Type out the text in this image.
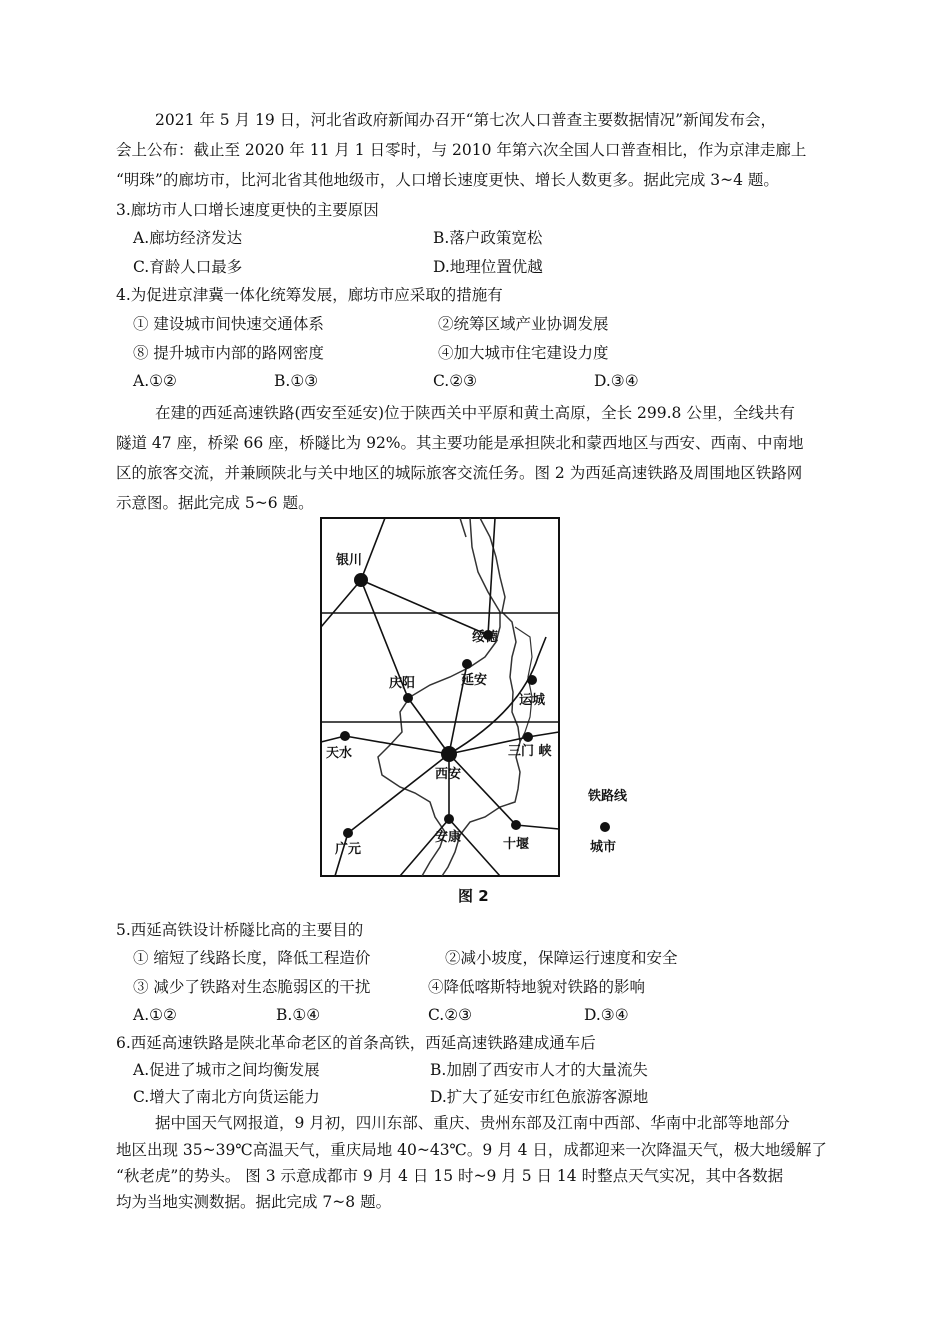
2021 年 5 月 19 日，河北省政府新闻办召开“第七次人口普查主要数据情况”新闻发布会，
会上公布：截止至 2020 年 11 月 1 日零时，与 2010 年第六次全国人口普查相比，作为京津走廊上
“明珠”的廊坊市，比河北省其他地级市，人口增长速度更快、增长人数更多。据此完成 3~4 题。
3.廊坊市人口增长速度更快的主要原因
A.廊坊经济发达	B.落户政策宽松
C.育龄人口最多	D.地理位置优越
4.为促进京津冀一体化统筹发展，廊坊市应采取的措施有
① 建设城市间快速交通体系	②统筹区域产业协调发展
⑧ 提升城市内部的路网密度	④加大城市住宅建设力度
A.①②	B.①③	C.②③	D.③④
在建的西延高速铁路(西安至延安)位于陕西关中平原和黄土高原，全长 299.8 公里，全线共有
隧道 47 座，桥梁 66 座，桥隧比为 92%。其主要功能是承担陕北和蒙西地区与西安、西南、中南地
区的旅客交流，并兼顾陕北与关中地区的城际旅客交流任务。图 2 为西延高速铁路及周围地区铁路网
示意图。据此完成 5~6 题。
银川
绥德
延安
庆阳
运城
天水
西安
三门 峡
广元
安康	十堰
铁路线
城市
图 2
5.西延高铁设计桥隧比高的主要目的
① 缩短了线路长度，降低工程造价	②减小坡度，保障运行速度和安全
③ 减少了铁路对生态脆弱区的干扰	④降低喀斯特地貌对铁路的影响
A.①②	B.①④	C.②③	D.③④
6.西延高速铁路是陕北革命老区的首条高铁，西延高速铁路建成通车后
A.促进了城市之间均衡发展	B.加剧了西安市人才的大量流失
C.增大了南北方向货运能力	D.扩大了延安市红色旅游客源地
据中国天气网报道，9 月初，四川东部、重庆、贵州东部及江南中西部、华南中北部等地部分
地区出现 35~39℃高温天气，重庆局地 40~43℃。9 月 4 日，成都迎来一次降温天气，极大地缓解了
“秋老虎”的势头。 图 3 示意成都市 9 月 4 日 15 时~9 月 5 日 14 时整点天气实况，其中各数据
均为当地实测数据。据此完成 7~8 题。
